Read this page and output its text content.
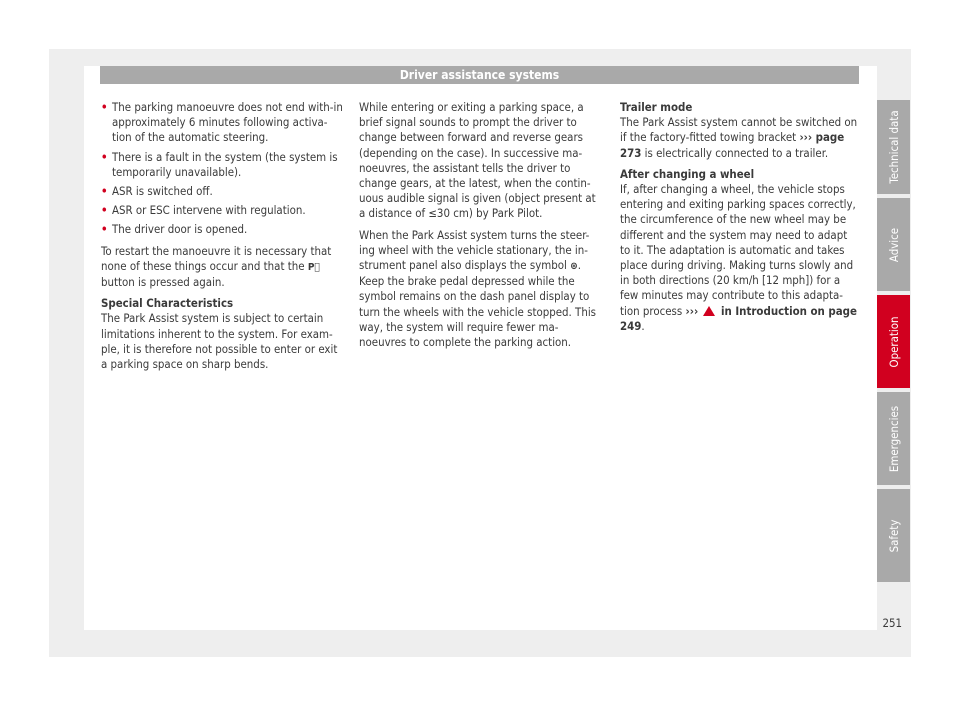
Driver assistance systems
• The parking manoeuvre does not end with-in approximately 6 minutes following activa-tion of the automatic steering.
• There is a fault in the system (the system is temporarily unavailable).
• ASR is switched off.
• ASR or ESC intervene with regulation.
• The driver door is opened.

To restart the manoeuvre it is necessary that none of these things occur and that the P⃝ button is pressed again.

Special Characteristics

The Park Assist system is subject to certain limitations inherent to the system. For exam-ple, it is therefore not possible to enter or exit a parking space on sharp bends.

While entering or exiting a parking space, a brief signal sounds to prompt the driver to change between forward and reverse gears (depending on the case). In successive ma-noeuvres, the assistant tells the driver to change gears, at the latest, when the contin-uous audible signal is given (object present at a distance of ≤30 cm) by Park Pilot.

When the Park Assist system turns the steer-ing wheel with the vehicle stationary, the in-strument panel also displays the symbol ⊛. Keep the brake pedal depressed while the symbol remains on the dash panel display to turn the wheels with the vehicle stopped. This way, the system will require fewer ma-noeuvres to complete the parking action.

Trailer mode

The Park Assist system cannot be switched on if the factory-fitted towing bracket ››› page 273 is electrically connected to a trailer.

After changing a wheel

If, after changing a wheel, the vehicle stops entering and exiting parking spaces correctly, the circumference of the new wheel may be different and the system may need to adapt to it. The adaptation is automatic and takes place during driving. Making turns slowly and in both directions (20 km/h [12 mph]) for a few minutes may contribute to this adapta-tion process ›››  in Introduction on page 249.

Technical data
Advice
Operation
Emergencies
Safety
251
